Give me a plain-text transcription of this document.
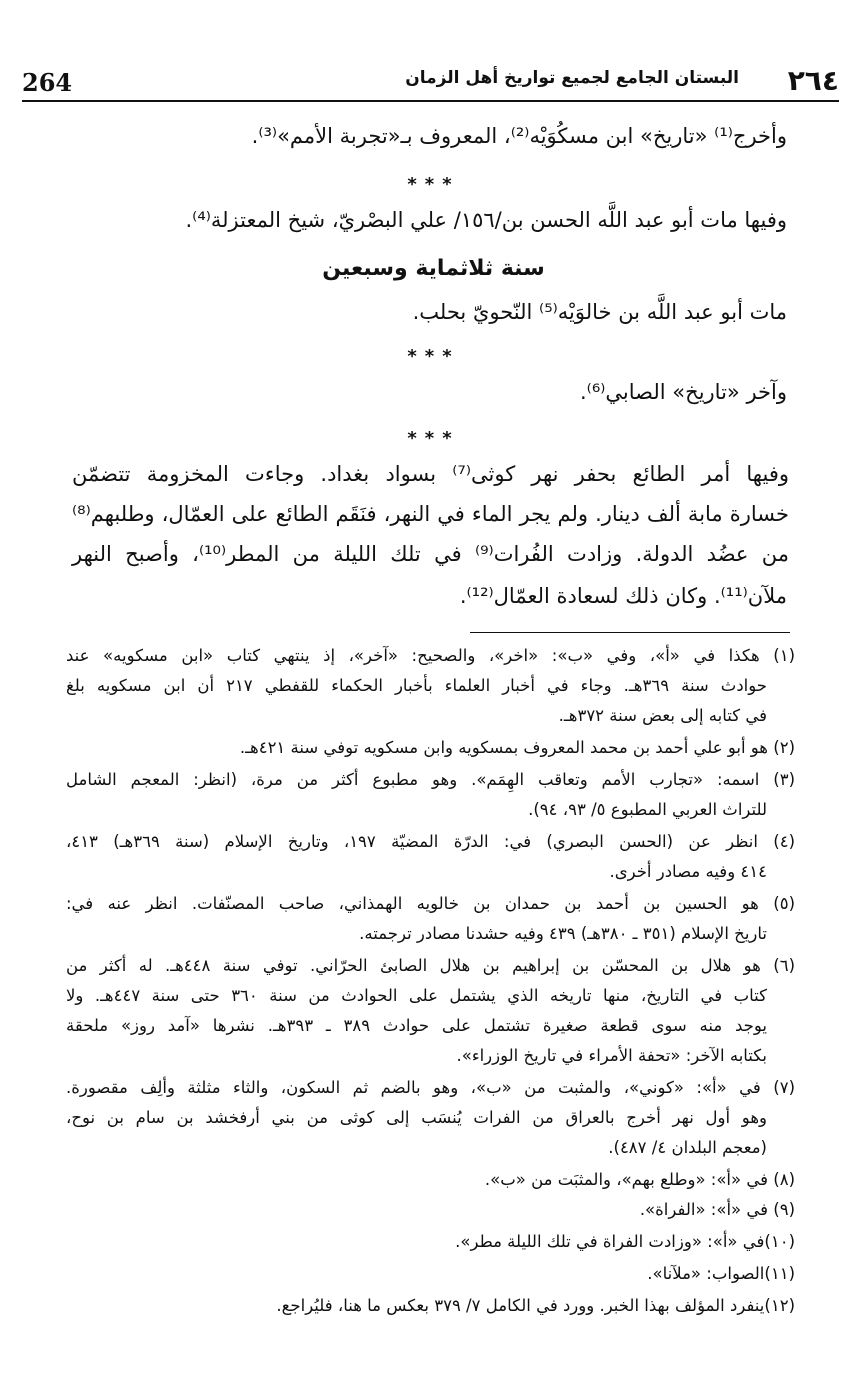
264	البستان الجامع لجميع تواريخ أهل الزمان ٢٦٤
وأخرج⁽¹⁾ «تاريخ» ابن مسكُوَيْه⁽²⁾، المعروف بـ«تجربة الأمم»⁽³⁾.
***
وفيها مات أبو عبد اللَّه الحسن بن/١٥٦/ علي البصْريّ، شيخ المعتزلة⁽⁴⁾.
سنة ثلاثماية وسبعين
مات أبو عبد اللَّه بن خالوَيْه⁽⁵⁾ النّحويّ بحلب.
***
وآخر «تاريخ» الصابي⁽⁶⁾.
***
وفيها أمر الطائع بحفر نهر كوثى⁽⁷⁾ بسواد بغداد. وجاءت المخزومة تتضمّن
خسارة مابة ألف دينار. ولم يجر الماء في النهر، فنَقَم الطائع على العمّال، وطلبهم⁽⁸⁾
من عضُد الدولة. وزادت الفُرات⁽⁹⁾ في تلك الليلة من المطر⁽¹⁰⁾، وأصبح النهر
ملآن⁽¹¹⁾. وكان ذلك لسعادة العمّال⁽¹²⁾.
(١) هكذا في «أ»، وفي «ب»: «اخر»، والصحيح: «آخر»، إذ ينتهي كتاب «ابن مسكويه» عند
حوادث سنة ٣٦٩هـ. وجاء في أخبار العلماء بأخبار الحكماء للقفطي ٢١٧ أن ابن مسكويه بلغ
في كتابه إلى بعض سنة ٣٧٢هـ.
(٢) هو أبو علي أحمد بن محمد المعروف بمسكويه وابن مسكويه توفي سنة ٤٢١هـ.
(٣) اسمه: «تجارب الأمم وتعاقب الهِمَم». وهو مطبوع أكثر من مرة، (انظر: المعجم الشامل
للتراث العربي المطبوع ٥/ ٩٣، ٩٤).
(٤) انظر عن (الحسن البصري) في: الدرّة المضيّة ١٩٧، وتاريخ الإسلام (سنة ٣٦٩هـ) ٤١٣،
٤١٤ وفيه مصادر أخرى.
(٥) هو الحسين بن أحمد بن حمدان بن خالويه الهمذاني، صاحب المصنّفات. انظر عنه في:
تاريخ الإسلام (٣٥١ ـ ٣٨٠هـ) ٤٣٩ وفيه حشدنا مصادر ترجمته.
(٦) هو هلال بن المحسّن بن إبراهيم بن هلال الصابئ الحرّاني. توفي سنة ٤٤٨هـ. له أكثر من
كتاب في التاريخ، منها تاريخه الذي يشتمل على الحوادث من سنة ٣٦٠ حتى سنة ٤٤٧هـ. ولا
يوجد منه سوى قطعة صغيرة تشتمل على حوادث ٣٨٩ ـ ٣٩٣هـ. نشرها «آمد روز» ملحقة
بكتابه الآخر: «تحفة الأمراء في تاريخ الوزراء».
(٧) في «أ»: «كوني»، والمثبت من «ب»، وهو بالضم ثم السكون، والثاء مثلثة وألِف مقصورة.
وهو أول نهر أخرج بالعراق من الفرات يُنسَب إلى كوثى من بني أرفخشد بن سام بن نوح،
(معجم البلدان ٤/ ٤٨٧).
(٨) في «أ»: «وطلع بهم»، والمثبَت من «ب».
(٩) في «أ»: «الفراة».
(١٠)في «أ»: «وزادت الفراة في تلك الليلة مطر».
(١١)الصواب: «ملآنا».
(١٢)ينفرد المؤلف بهذا الخبر. وورد في الكامل ٧/ ٣٧٩ بعكس ما هنا، فليُراجع.
